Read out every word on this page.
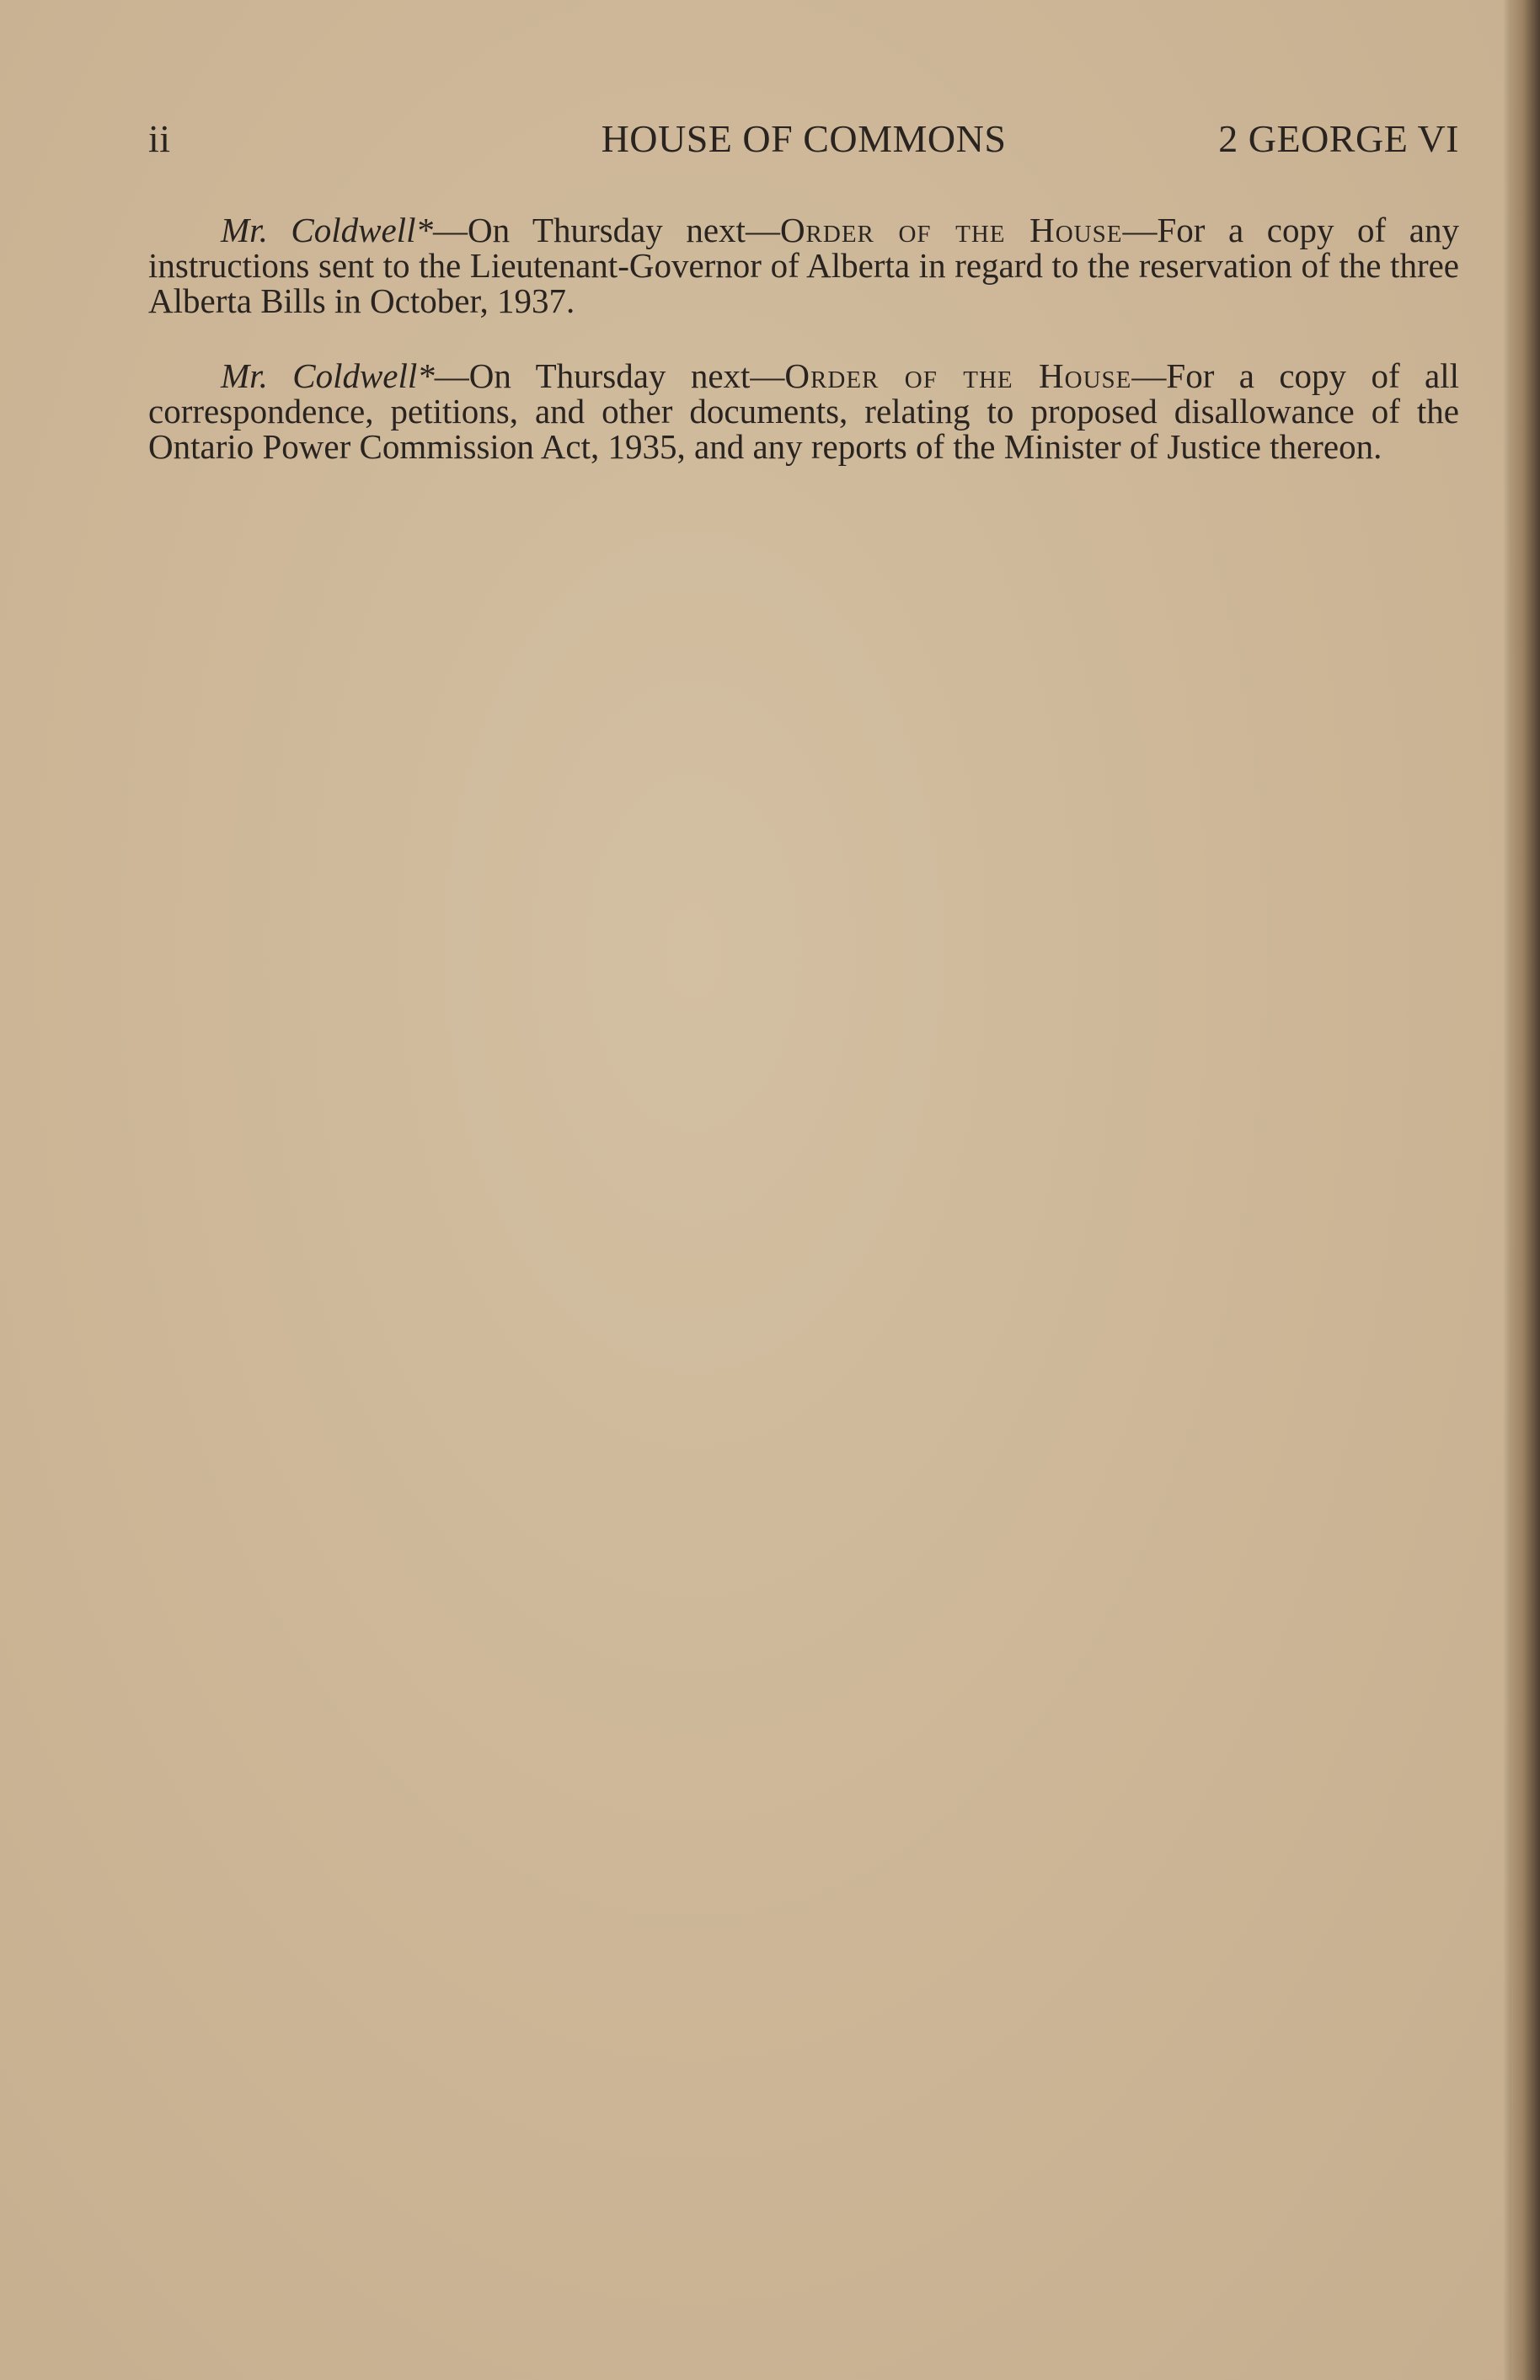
ii	HOUSE OF COMMONS	2 GEORGE VI

Mr. Coldwell*—On Thursday next—Order of the House—For a copy of any instructions sent to the Lieutenant-Governor of Alberta in regard to the reservation of the three Alberta Bills in October, 1937.

Mr. Coldwell*—On Thursday next—Order of the House—For a copy of all correspondence, petitions, and other documents, relating to proposed disallowance of the Ontario Power Commission Act, 1935, and any reports of the Minister of Justice thereon.
